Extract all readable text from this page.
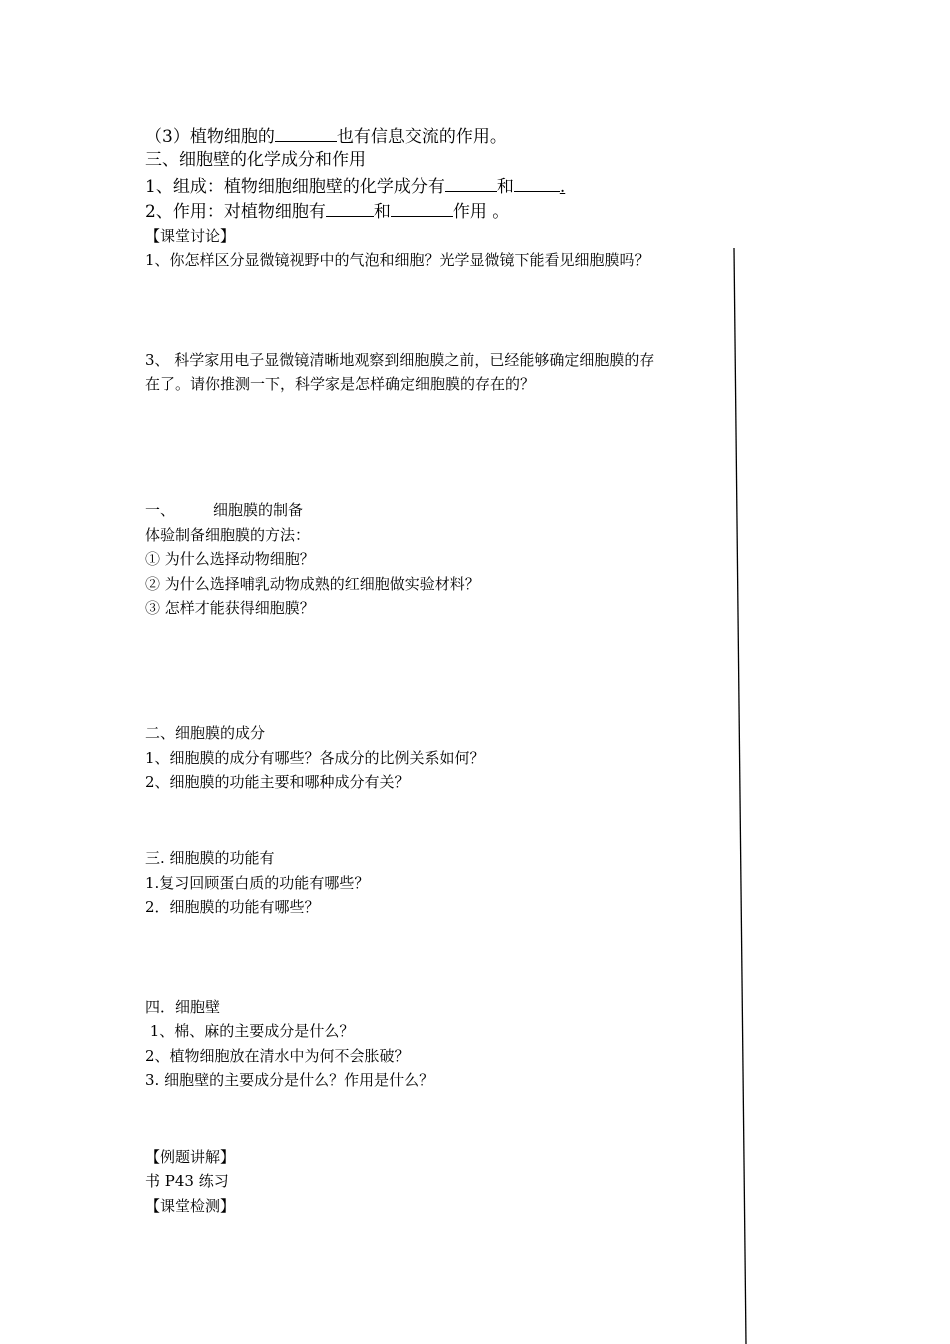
（3）植物细胞的	也有信息交流的作用。
三、细胞壁的化学成分和作用
1、组成：植物细胞细胞壁的化学成分有	和	.
2、作用：对植物细胞有	和	作用 。
【课堂讨论】
1、你怎样区分显微镜视野中的气泡和细胞？光学显微镜下能看见细胞膜吗？
3、 科学家用电子显微镜清晰地观察到细胞膜之前，已经能够确定细胞膜的存
在了。请你推测一下，科学家是怎样确定细胞膜的存在的？
一、	细胞膜的制备
体验制备细胞膜的方法：
① 为什么选择动物细胞？
② 为什么选择哺乳动物成熟的红细胞做实验材料？
③ 怎样才能获得细胞膜？
二、细胞膜的成分
1、细胞膜的成分有哪些？各成分的比例关系如何？
2、细胞膜的功能主要和哪种成分有关？
三. 细胞膜的功能有
1.复习回顾蛋白质的功能有哪些？
2．细胞膜的功能有哪些？
四．细胞壁
1、棉、麻的主要成分是什么？
2、植物细胞放在清水中为何不会胀破？
3. 细胞壁的主要成分是什么？作用是什么？
【例题讲解】
书 P43 练习
【课堂检测】
